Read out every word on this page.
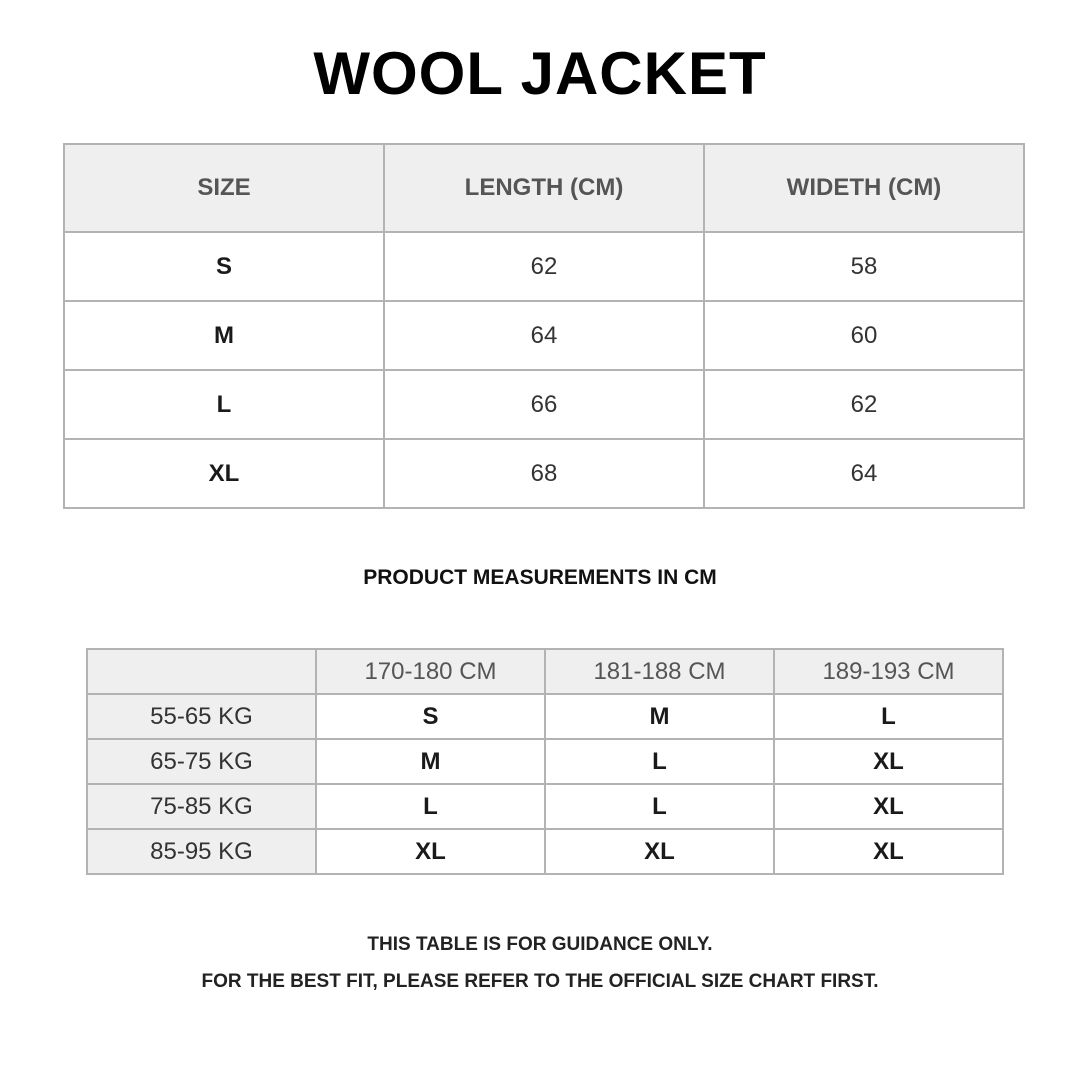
WOOL JACKET
SIZE	LENGTH (CM)	WIDETH (CM)
S	62	58
M	64	60
L	66	62
XL	68	64
PRODUCT MEASUREMENTS IN CM
	170-180 CM	181-188 CM	189-193 CM
55-65 KG	S	M	L
65-75 KG	M	L	XL
75-85 KG	L	L	XL
85-95 KG	XL	XL	XL
THIS TABLE IS FOR GUIDANCE ONLY.
FOR THE BEST FIT, PLEASE REFER TO THE OFFICIAL SIZE CHART FIRST.
